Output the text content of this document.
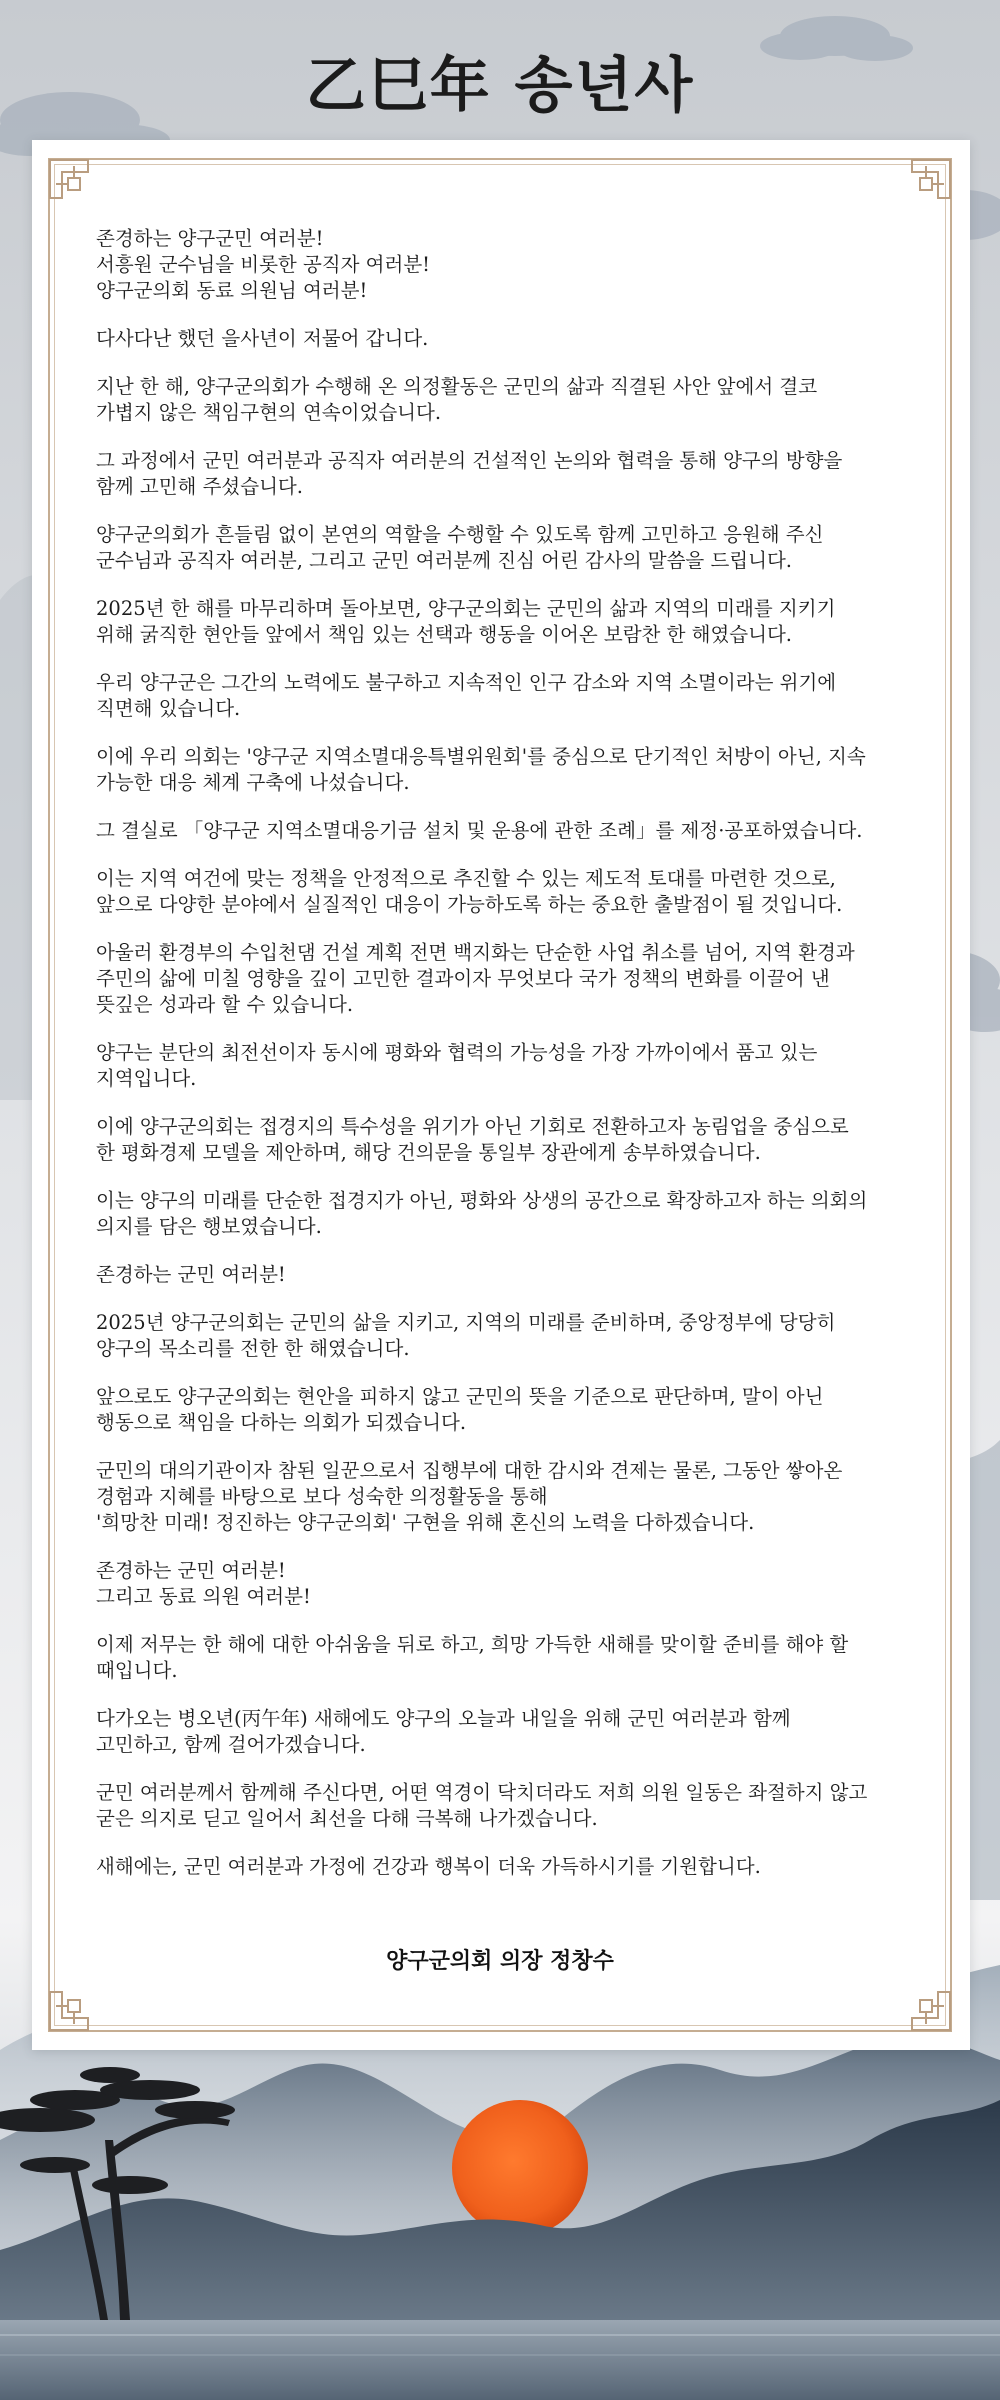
乙巳年 송년사

존경하는 양구군민 여러분!
서흥원 군수님을 비롯한 공직자 여러분!
양구군의회 동료 의원님 여러분!

다사다난 했던 을사년이 저물어 갑니다.

지난 한 해, 양구군의회가 수행해 온 의정활동은 군민의 삶과 직결된 사안 앞에서 결코
가볍지 않은 책임구현의 연속이었습니다.

그 과정에서 군민 여러분과 공직자 여러분의 건설적인 논의와 협력을 통해 양구의 방향을
함께 고민해 주셨습니다.

양구군의회가 흔들림 없이 본연의 역할을 수행할 수 있도록 함께 고민하고 응원해 주신
군수님과 공직자 여러분, 그리고 군민 여러분께 진심 어린 감사의 말씀을 드립니다.

2025년 한 해를 마무리하며 돌아보면, 양구군의회는 군민의 삶과 지역의 미래를 지키기
위해 굵직한 현안들 앞에서 책임 있는 선택과 행동을 이어온 보람찬 한 해였습니다.

우리 양구군은 그간의 노력에도 불구하고 지속적인 인구 감소와 지역 소멸이라는 위기에
직면해 있습니다.

이에 우리 의회는 '양구군 지역소멸대응특별위원회'를 중심으로 단기적인 처방이 아닌, 지속
가능한 대응 체계 구축에 나섰습니다.

그 결실로 「양구군 지역소멸대응기금 설치 및 운용에 관한 조례」를 제정·공포하였습니다.

이는 지역 여건에 맞는 정책을 안정적으로 추진할 수 있는 제도적 토대를 마련한 것으로,
앞으로 다양한 분야에서 실질적인 대응이 가능하도록 하는 중요한 출발점이 될 것입니다.

아울러 환경부의 수입천댐 건설 계획 전면 백지화는 단순한 사업 취소를 넘어, 지역 환경과
주민의 삶에 미칠 영향을 깊이 고민한 결과이자 무엇보다 국가 정책의 변화를 이끌어 낸
뜻깊은 성과라 할 수 있습니다.

양구는 분단의 최전선이자 동시에 평화와 협력의 가능성을 가장 가까이에서 품고 있는
지역입니다.

이에 양구군의회는 접경지의 특수성을 위기가 아닌 기회로 전환하고자 농림업을 중심으로
한 평화경제 모델을 제안하며, 해당 건의문을 통일부 장관에게 송부하였습니다.

이는 양구의 미래를 단순한 접경지가 아닌, 평화와 상생의 공간으로 확장하고자 하는 의회의
의지를 담은 행보였습니다.

존경하는 군민 여러분!

2025년 양구군의회는 군민의 삶을 지키고, 지역의 미래를 준비하며, 중앙정부에 당당히
양구의 목소리를 전한 한 해였습니다.

앞으로도 양구군의회는 현안을 피하지 않고 군민의 뜻을 기준으로 판단하며, 말이 아닌
행동으로 책임을 다하는 의회가 되겠습니다.

군민의 대의기관이자 참된 일꾼으로서 집행부에 대한 감시와 견제는 물론, 그동안 쌓아온
경험과 지혜를 바탕으로 보다 성숙한 의정활동을 통해
'희망찬 미래! 정진하는 양구군의회' 구현을 위해 혼신의 노력을 다하겠습니다.

존경하는 군민 여러분!
그리고 동료 의원 여러분!

이제 저무는 한 해에 대한 아쉬움을 뒤로 하고, 희망 가득한 새해를 맞이할 준비를 해야 할
때입니다.

다가오는 병오년(丙午年) 새해에도 양구의 오늘과 내일을 위해 군민 여러분과 함께
고민하고, 함께 걸어가겠습니다.

군민 여러분께서 함께해 주신다면, 어떤 역경이 닥치더라도 저희 의원 일동은 좌절하지 않고
굳은 의지로 딛고 일어서 최선을 다해 극복해 나가겠습니다.

새해에는, 군민 여러분과 가정에 건강과 행복이 더욱 가득하시기를 기원합니다.

양구군의회 의장 정창수
